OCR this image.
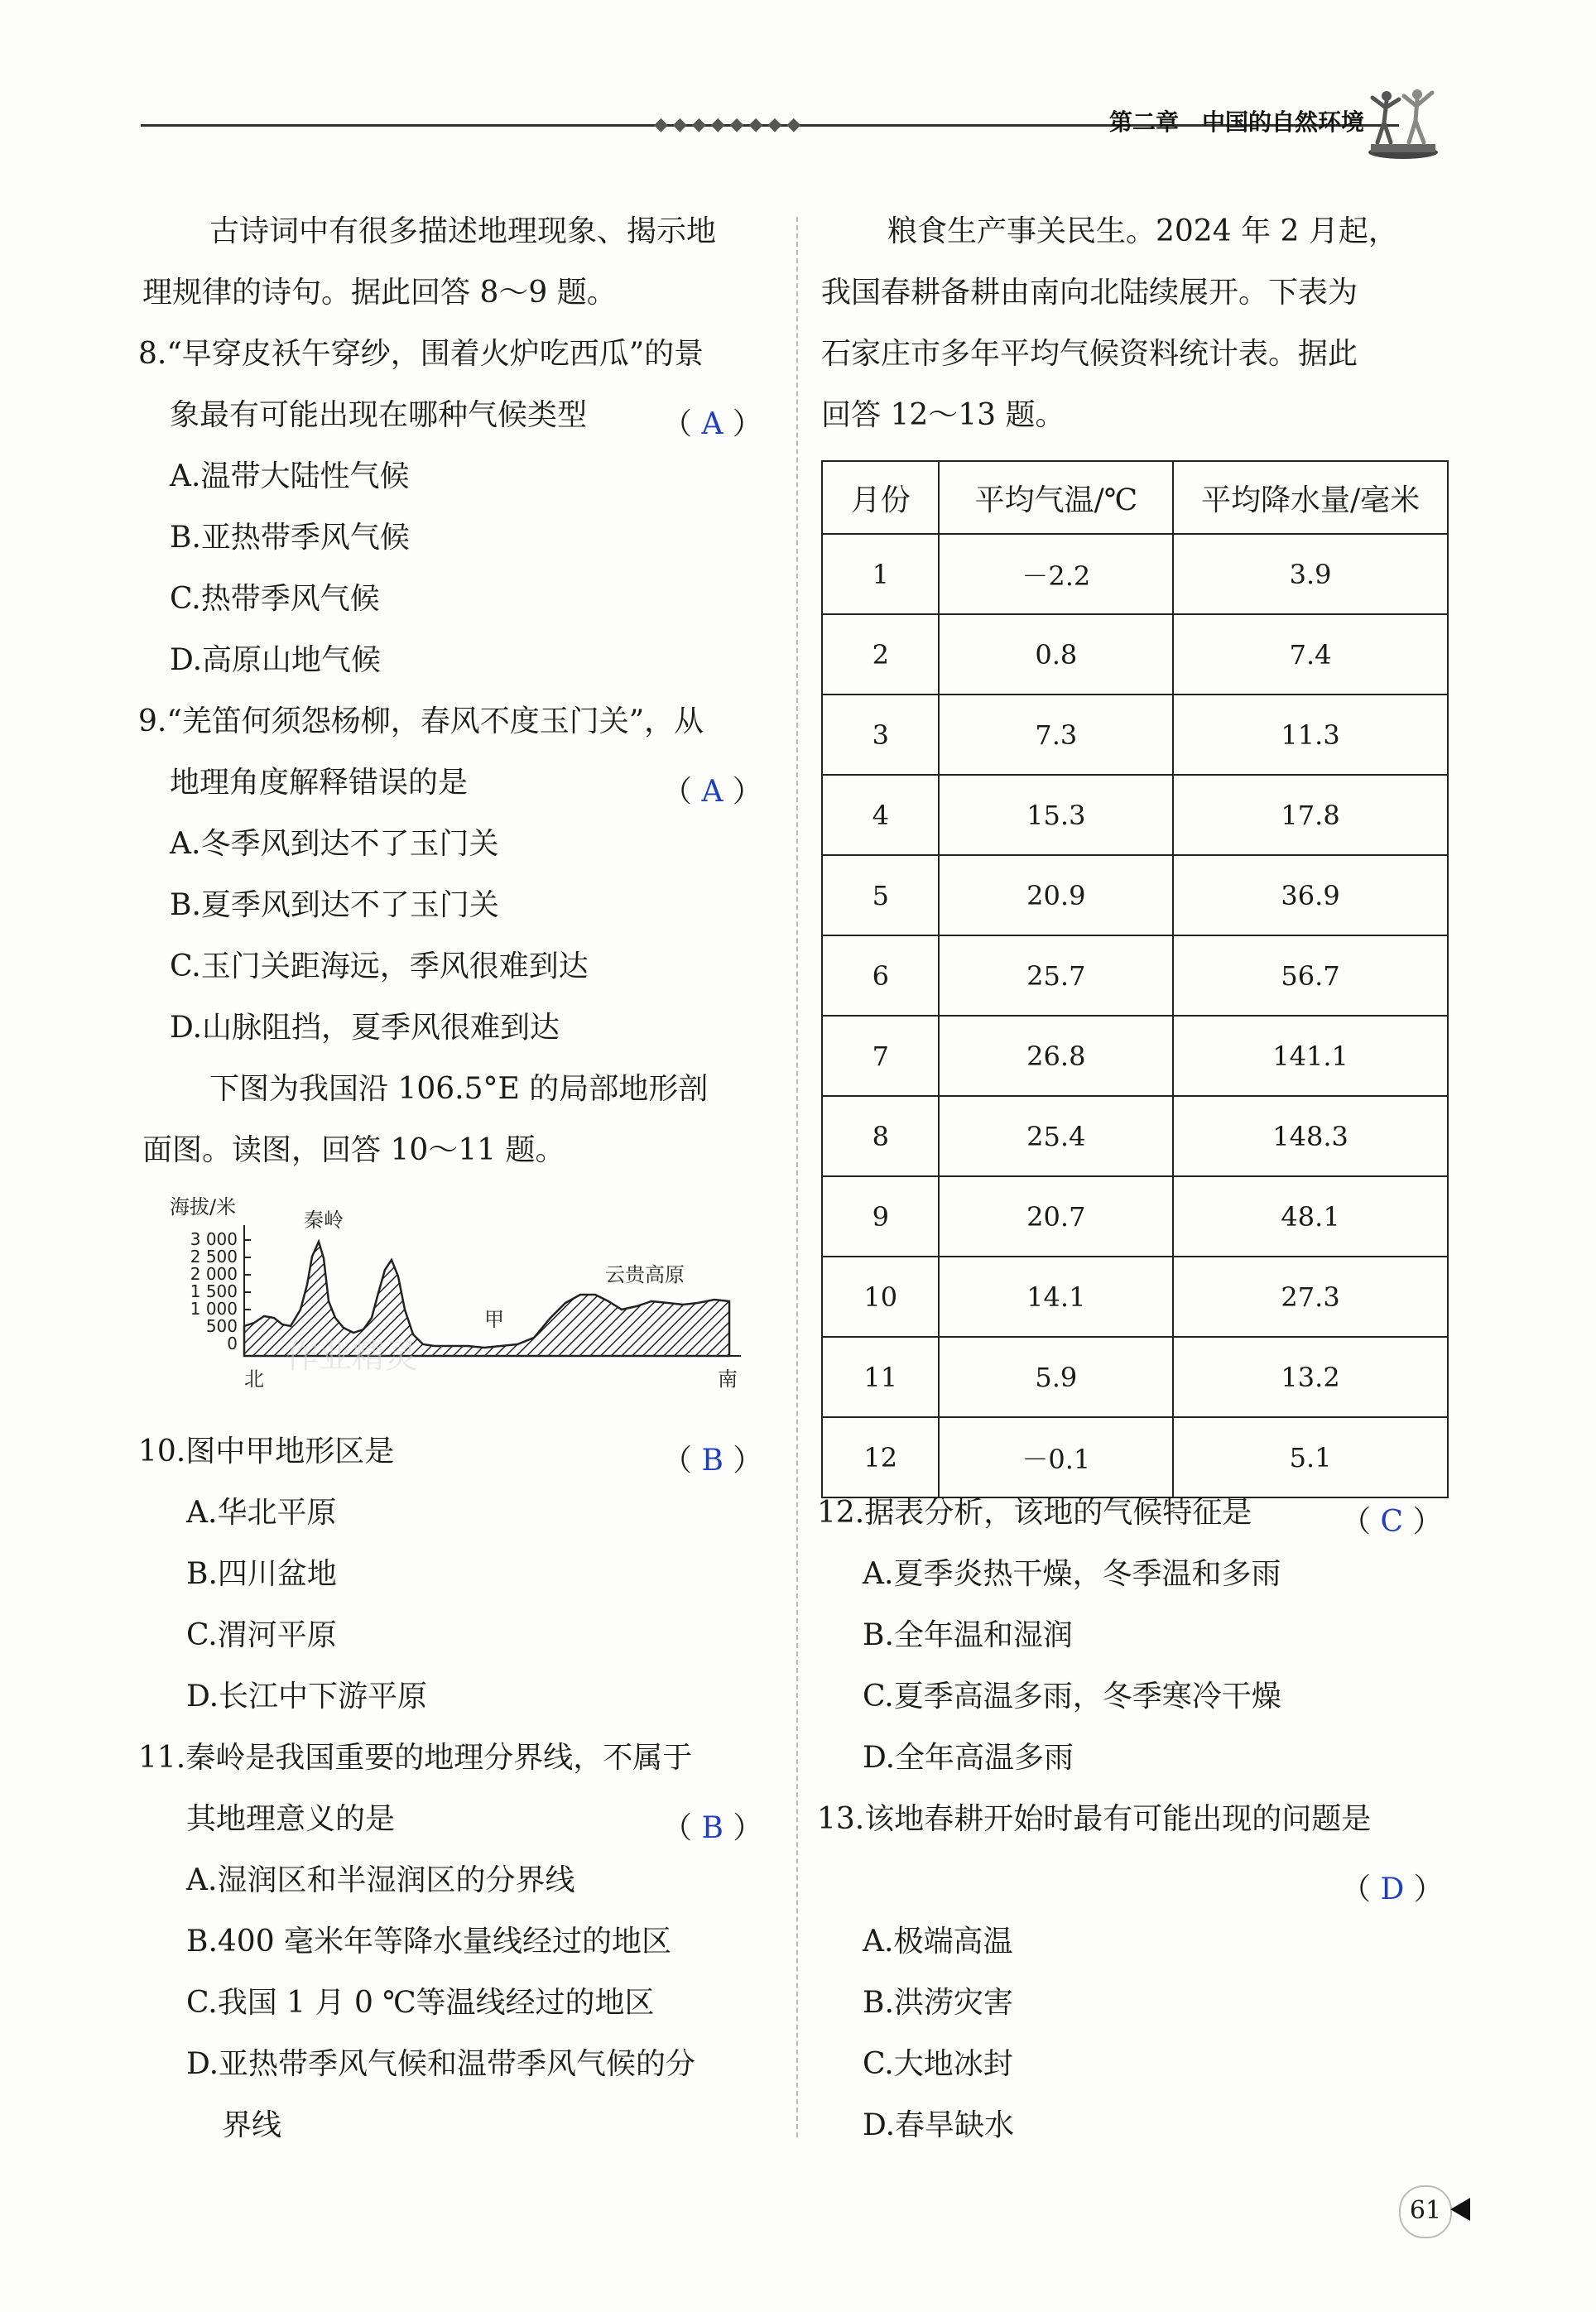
◆◆◆◆◆◆◆◆	第二章　中国的自然环境
古诗词中有很多描述地理现象、揭示地
理规律的诗句。据此回答 8～9 题。
8.“早穿皮袄午穿纱，围着火炉吃西瓜”的景
象最有可能出现在哪种气候类型	（ A ）
A.温带大陆性气候
B.亚热带季风气候
C.热带季风气候
D.高原山地气候
9.“羌笛何须怨杨柳，春风不度玉门关”，从
地理角度解释错误的是	（ A ）
A.冬季风到达不了玉门关
B.夏季风到达不了玉门关
C.玉门关距海远，季风很难到达
D.山脉阻挡，夏季风很难到达
下图为我国沿 106.5°E 的局部地形剖
面图。读图，回答 10～11 题。
海拔/米
3 000
2 500
2 000
1 500
1 000
500
0
秦岭
云贵高原
甲
北	南
作业精灵
10.图中甲地形区是	（ B ）
A.华北平原
B.四川盆地
C.渭河平原
D.长江中下游平原
11.秦岭是我国重要的地理分界线，不属于
其地理意义的是	（ B ）
A.湿润区和半湿润区的分界线
B.400 毫米年等降水量线经过的地区
C.我国 1 月 0 ℃等温线经过的地区
D.亚热带季风气候和温带季风气候的分
界线
粮食生产事关民生。2024 年 2 月起，
我国春耕备耕由南向北陆续展开。下表为
石家庄市多年平均气候资料统计表。据此
回答 12～13 题。
月份	平均气温/℃	平均降水量/毫米
1	－2.2	3.9
2	0.8	7.4
3	7.3	11.3
4	15.3	17.8
5	20.9	36.9
6	25.7	56.7
7	26.8	141.1
8	25.4	148.3
9	20.7	48.1
10	14.1	27.3
11	5.9	13.2
12	－0.1	5.1
12.据表分析，该地的气候特征是	（ C ）
A.夏季炎热干燥，冬季温和多雨
B.全年温和湿润
C.夏季高温多雨，冬季寒冷干燥
D.全年高温多雨
13.该地春耕开始时最有可能出现的问题是
（ D ）
A.极端高温
B.洪涝灾害
C.大地冰封
D.春旱缺水
61
